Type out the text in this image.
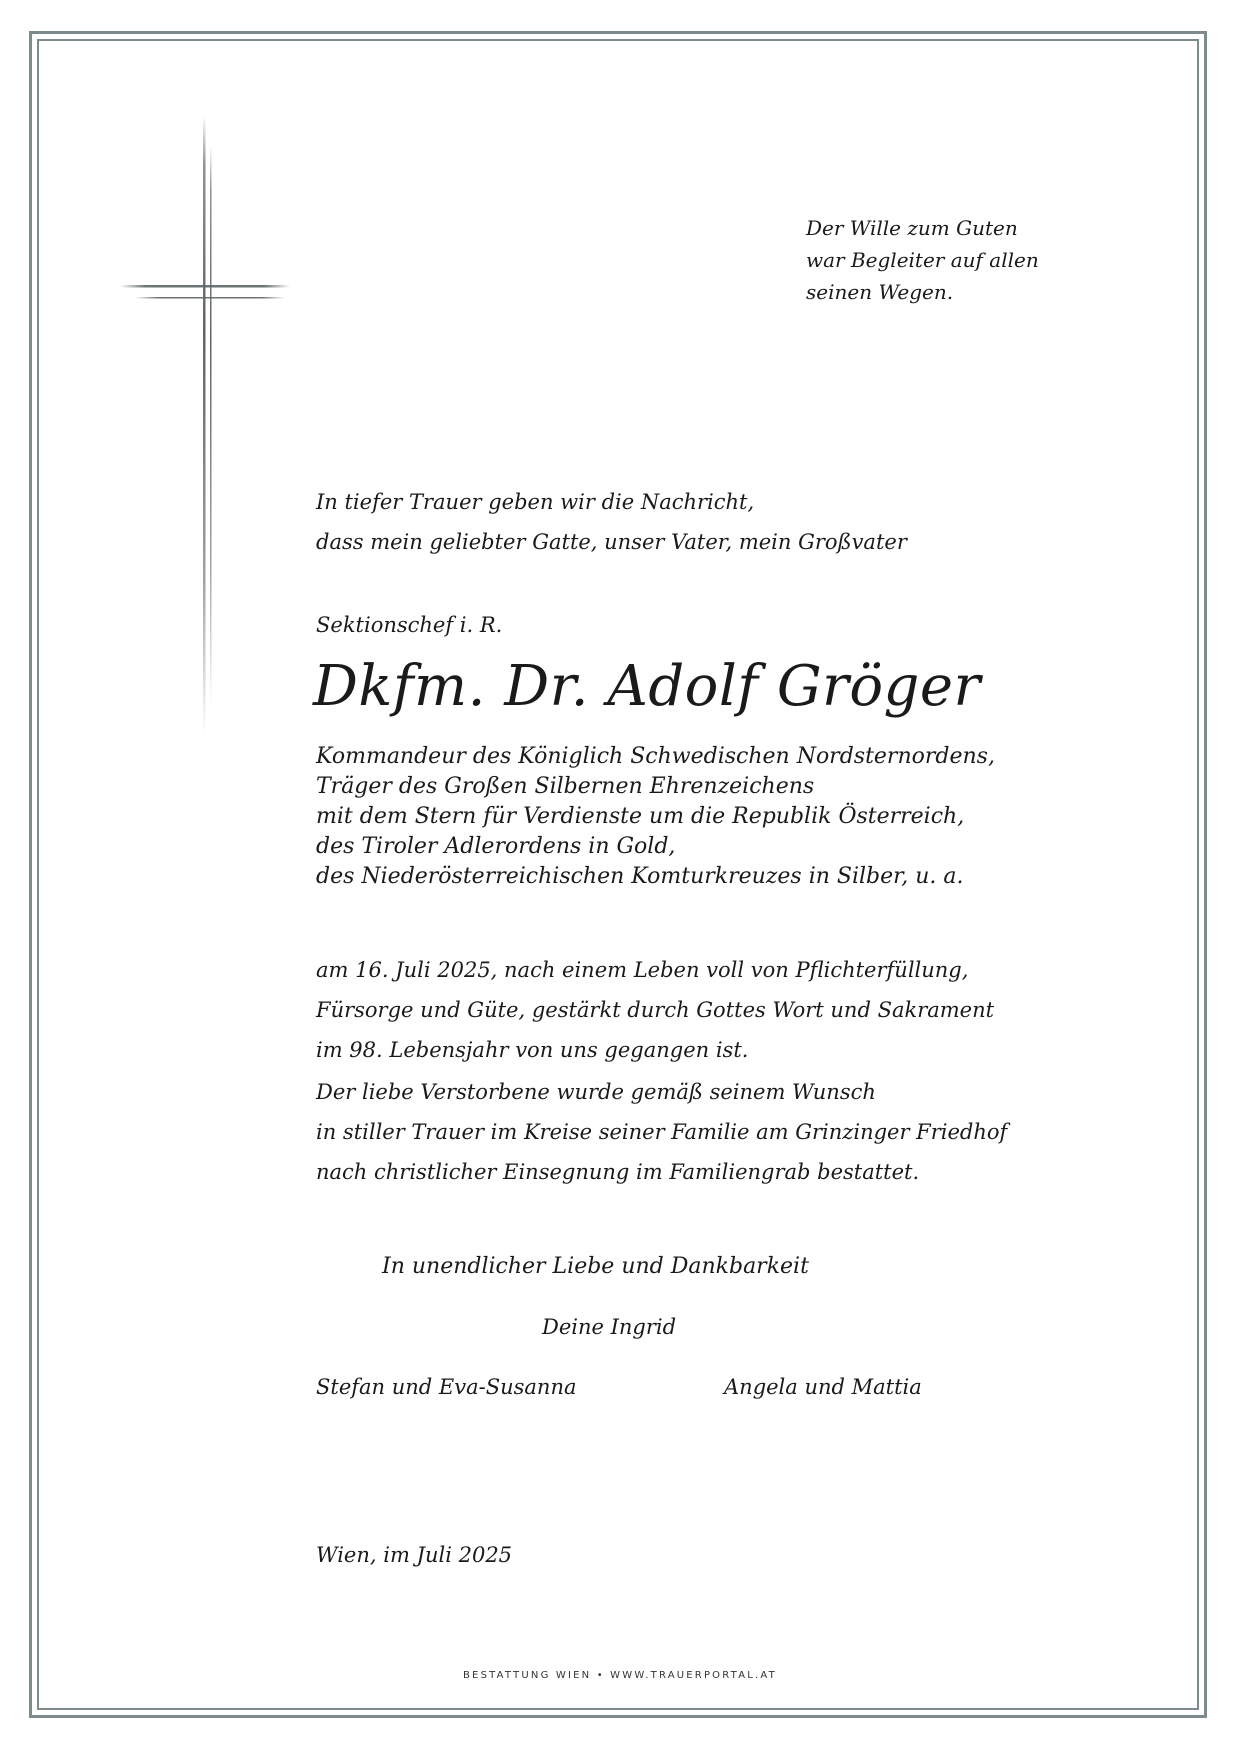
Der Wille zum Guten
war Begleiter auf allen
seinen Wegen.
In tiefer Trauer geben wir die Nachricht,
dass mein geliebter Gatte, unser Vater, mein Großvater
Sektionschef i. R.
Dkfm. Dr. Adolf Gröger
Kommandeur des Königlich Schwedischen Nordsternordens,
Träger des Großen Silbernen Ehrenzeichens
mit dem Stern für Verdienste um die Republik Österreich,
des Tiroler Adlerordens in Gold,
des Niederösterreichischen Komturkreuzes in Silber, u. a.
am 16. Juli 2025, nach einem Leben voll von Pflichterfüllung,
Fürsorge und Güte, gestärkt durch Gottes Wort und Sakrament
im 98. Lebensjahr von uns gegangen ist.
Der liebe Verstorbene wurde gemäß seinem Wunsch
in stiller Trauer im Kreise seiner Familie am Grinzinger Friedhof
nach christlicher Einsegnung im Familiengrab bestattet.
In unendlicher Liebe und Dankbarkeit
Deine Ingrid
Stefan und Eva-Susanna	Angela und Mattia
Wien, im Juli 2025
BESTATTUNG WIEN • WWW.TRAUERPORTAL.AT
